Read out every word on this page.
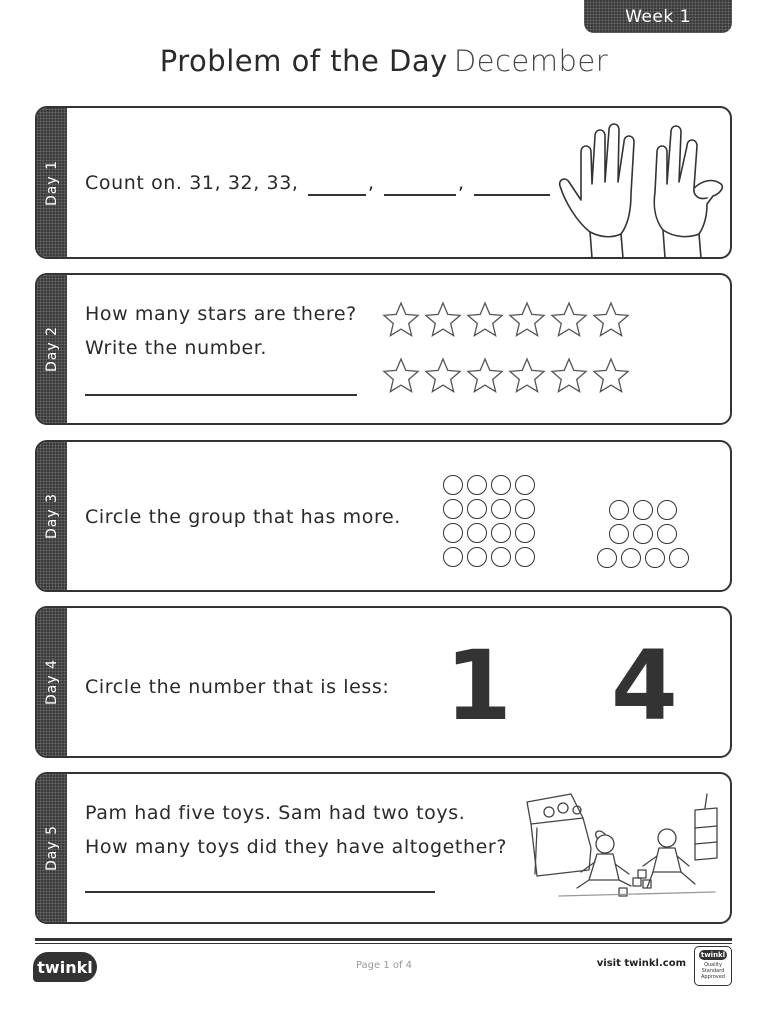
Week 1
Problem of the Day December
Day 1 Count on. 31, 32, 33,	,	,
Day 2
How many stars are there?
Write the number.
Day 3 Circle the group that has more.
Day 4 Circle the number that is less: 1 4
Day 5
Pam had five toys. Sam had two toys.
How many toys did they have altogether?
twinkl	Page 1 of 4	visit twinkl.com
twinkl
Quality Standard
Approved
